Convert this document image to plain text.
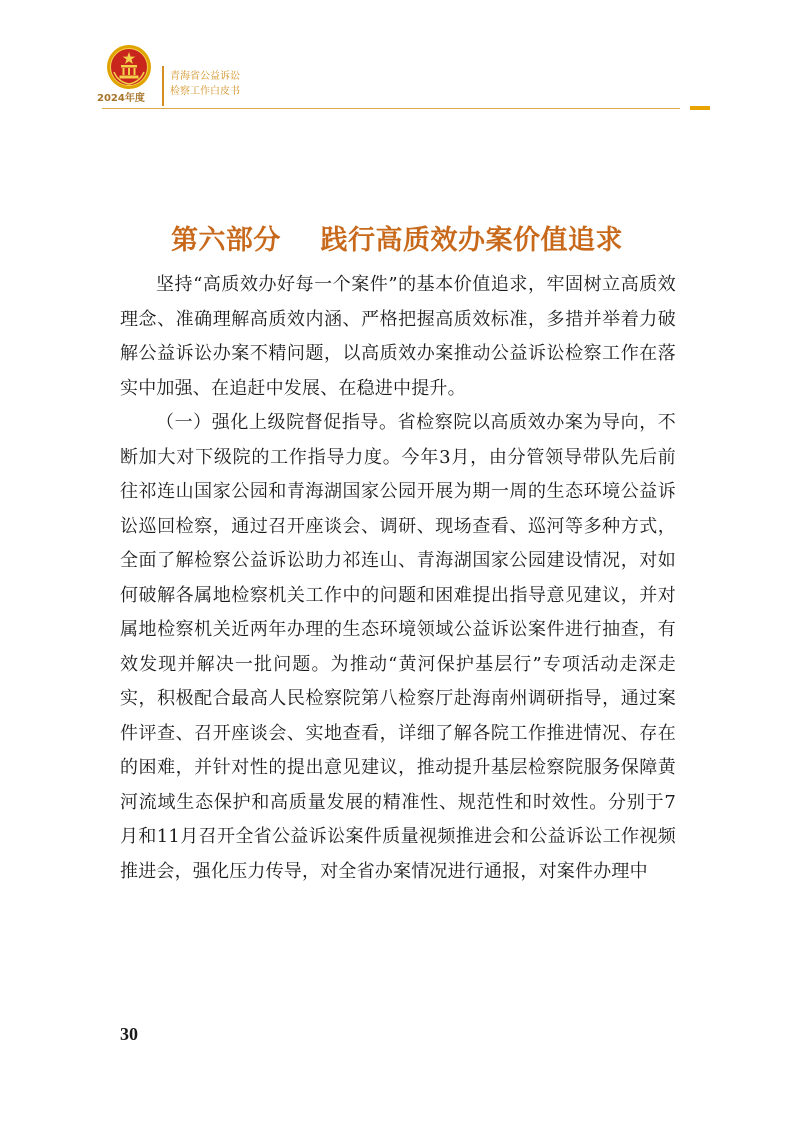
2024年度
青海省公益诉讼
检察工作白皮书
第六部分    践行高质效办案价值追求

坚持“高质效办好每一个案件”的基本价值追求，牢固树立高质效理念、准确理解高质效内涵、严格把握高质效标准，多措并举着力破解公益诉讼办案不精问题，以高质效办案推动公益诉讼检察工作在落实中加强、在追赶中发展、在稳进中提升。

（一）强化上级院督促指导。省检察院以高质效办案为导向，不断加大对下级院的工作指导力度。今年3月，由分管领导带队先后前往祁连山国家公园和青海湖国家公园开展为期一周的生态环境公益诉讼巡回检察，通过召开座谈会、调研、现场查看、巡河等多种方式，全面了解检察公益诉讼助力祁连山、青海湖国家公园建设情况，对如何破解各属地检察机关工作中的问题和困难提出指导意见建议，并对属地检察机关近两年办理的生态环境领域公益诉讼案件进行抽查，有效发现并解决一批问题。为推动“黄河保护基层行”专项活动走深走实，积极配合最高人民检察院第八检察厅赴海南州调研指导，通过案件评查、召开座谈会、实地查看，详细了解各院工作推进情况、存在的困难，并针对性的提出意见建议，推动提升基层检察院服务保障黄河流域生态保护和高质量发展的精准性、规范性和时效性。分别于7月和11月召开全省公益诉讼案件质量视频推进会和公益诉讼工作视频推进会，强化压力传导，对全省办案情况进行通报，对案件办理中

30
